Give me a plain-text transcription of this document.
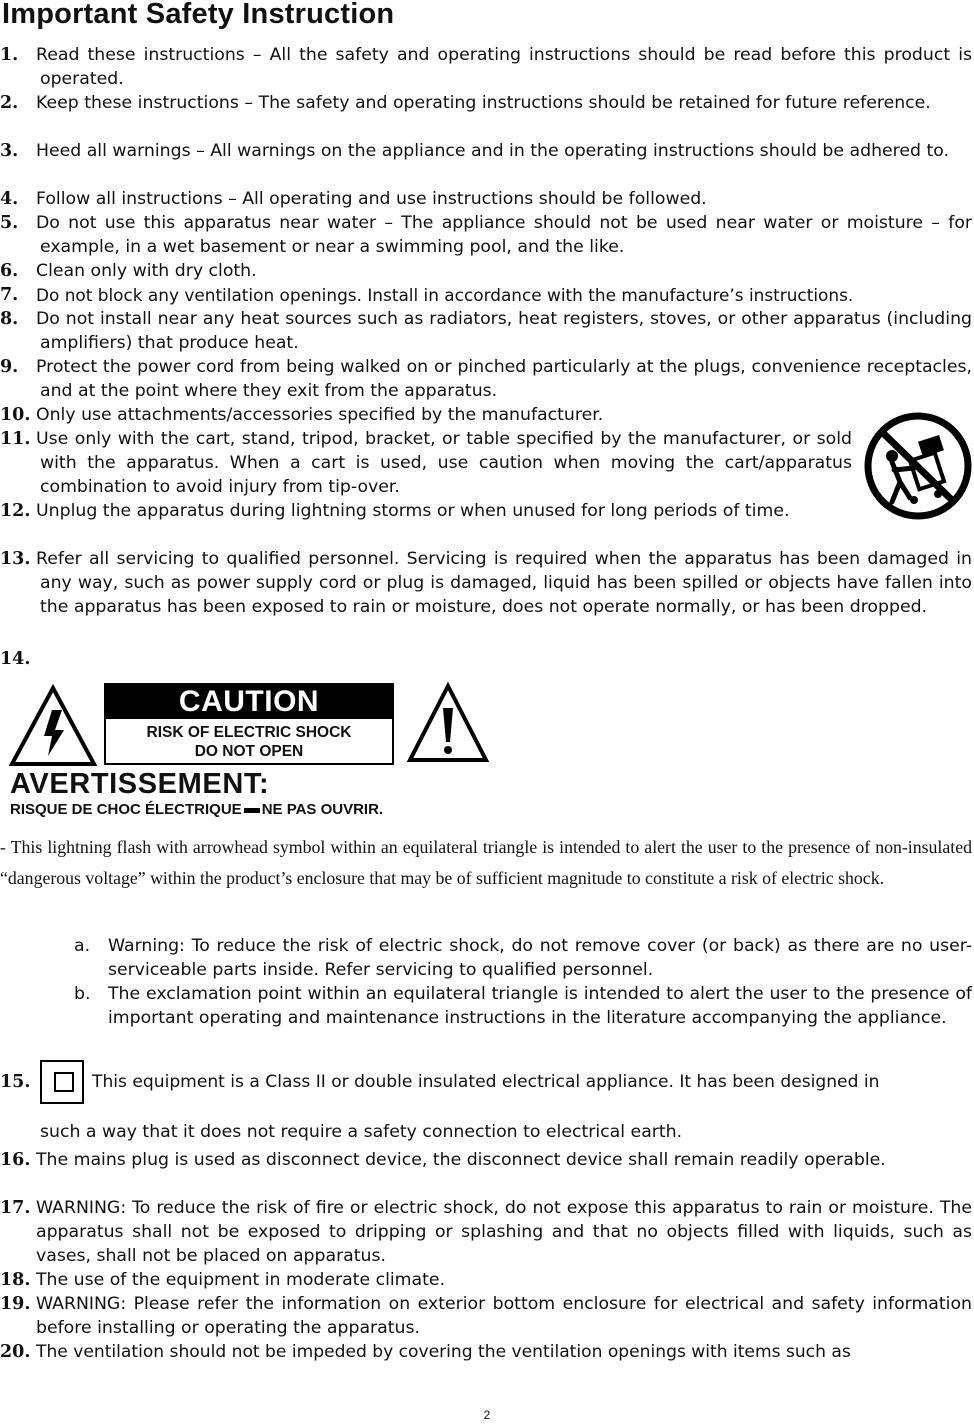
Important Safety Instruction
1.	Read these instructions – All the safety and operating instructions should be read before this product is operated.
2.	Keep these instructions – The safety and operating instructions should be retained for future reference.
3.	Heed all warnings – All warnings on the appliance and in the operating instructions should be adhered to.
4.	Follow all instructions – All operating and use instructions should be followed.
5.	Do not use this apparatus near water – The appliance should not be used near water or moisture – for example, in a wet basement or near a swimming pool, and the like.
6.	Clean only with dry cloth.
7.	Do not block any ventilation openings. Install in accordance with the manufacture’s instructions.
8.	Do not install near any heat sources such as radiators, heat registers, stoves, or other apparatus (including amplifiers) that produce heat.
9.	Protect the power cord from being walked on or pinched particularly at the plugs, convenience receptacles, and at the point where they exit from the apparatus.
10. Only use attachments/accessories specified by the manufacturer.
11. Use only with the cart, stand, tripod, bracket, or table specified by the manufacturer, or sold with the apparatus. When a cart is used, use caution when moving the cart/apparatus combination to avoid injury from tip-over.
12. Unplug the apparatus during lightning storms or when unused for long periods of time.
13. Refer all servicing to qualified personnel. Servicing is required when the apparatus has been damaged in any way, such as power supply cord or plug is damaged, liquid has been spilled or objects have fallen into the apparatus has been exposed to rain or moisture, does not operate normally, or has been dropped.
14.
CAUTION
RISK OF ELECTRIC SHOCK
DO NOT OPEN
AVERTISSEMENT:
RISQUE DE CHOC ÉLECTRIQUE NE PAS OUVRIR.

- This lightning flash with arrowhead symbol within an equilateral triangle is intended to alert the user to the presence of non-insulated “dangerous voltage” within the product’s enclosure that may be of sufficient magnitude to constitute a risk of electric shock.

a.	Warning: To reduce the risk of electric shock, do not remove cover (or back) as there are no user-serviceable parts inside. Refer servicing to qualified personnel.
b.	The exclamation point within an equilateral triangle is intended to alert the user to the presence of important operating and maintenance instructions in the literature accompanying the appliance.
15.	This equipment is a Class II or double insulated electrical appliance. It has been designed in
such a way that it does not require a safety connection to electrical earth.
16. The mains plug is used as disconnect device, the disconnect device shall remain readily operable.
17. WARNING: To reduce the risk of fire or electric shock, do not expose this apparatus to rain or moisture. The apparatus shall not be exposed to dripping or splashing and that no objects filled with liquids, such as vases, shall not be placed on apparatus.
18. The use of the equipment in moderate climate.
19. WARNING: Please refer the information on exterior bottom enclosure for electrical and safety information before installing or operating the apparatus.
20. The ventilation should not be impeded by covering the ventilation openings with items such as
2
